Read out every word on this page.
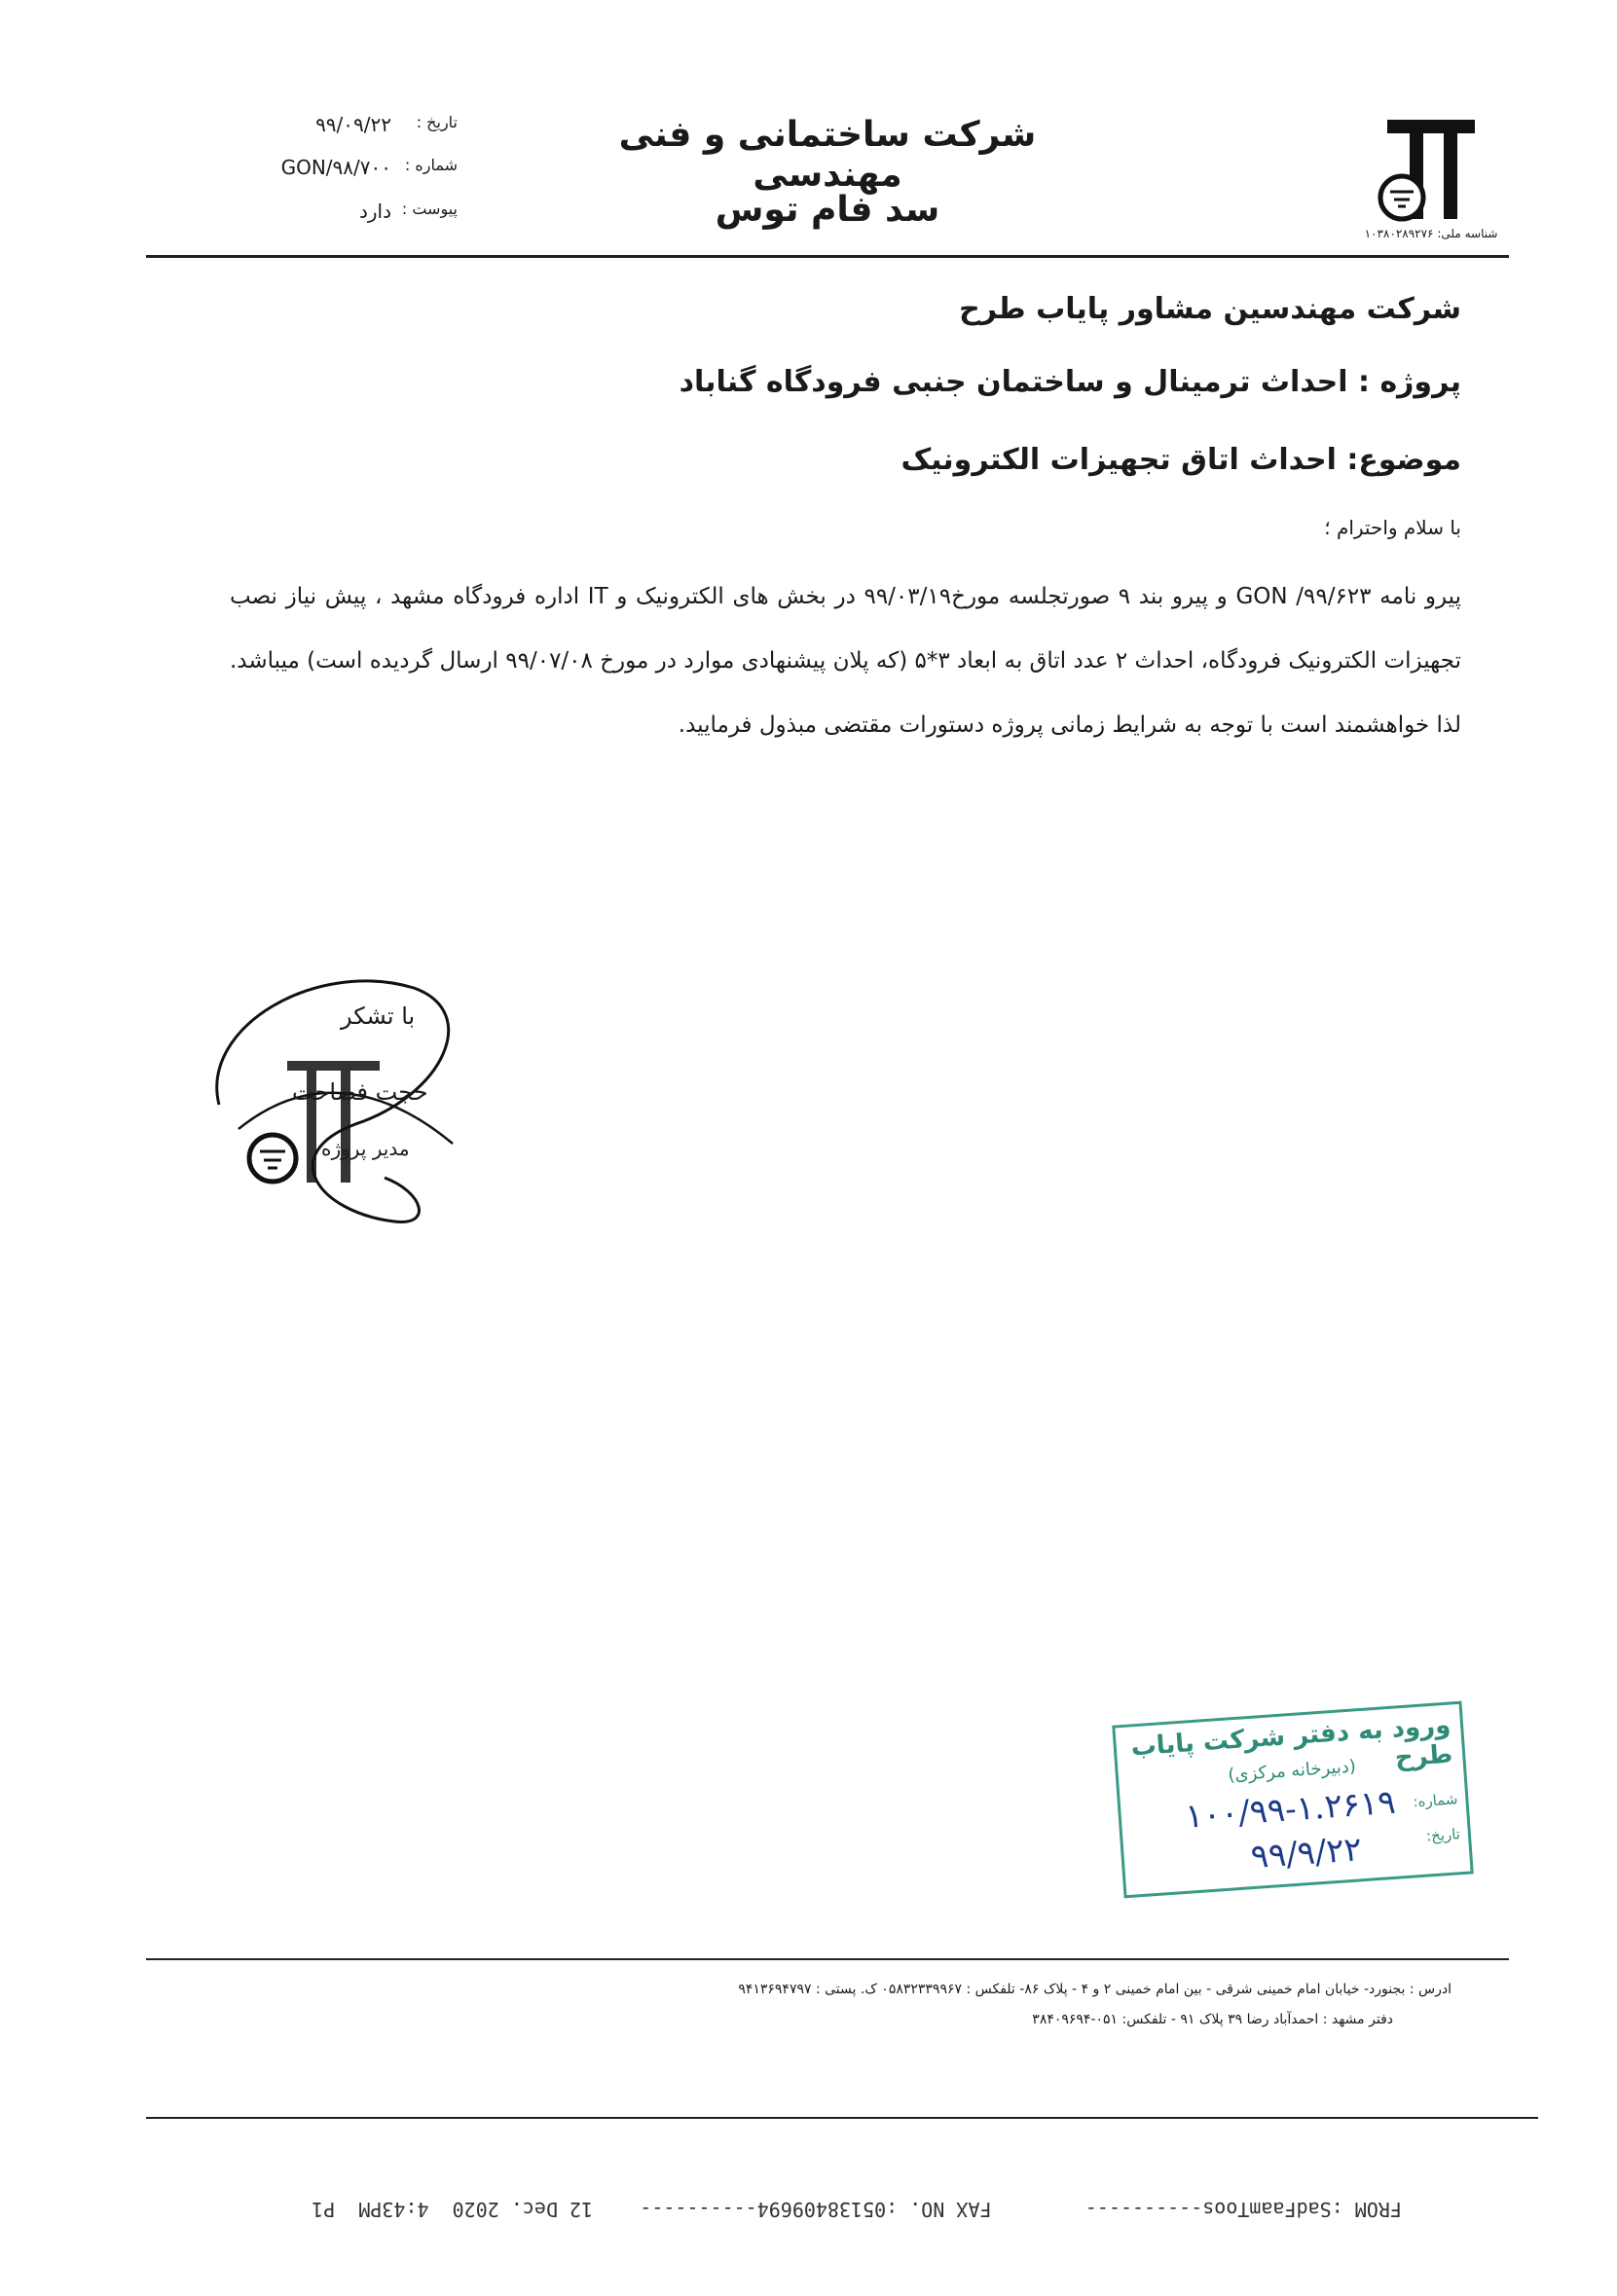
شناسه ملی: ۱۰۳۸۰۲۸۹۲۷۶
شرکت ساختمانی و فنی مهندسی
سد فام توس
تاریخ :
۹۹/۰۹/۲۲
شماره :
GON/۹۸/۷۰۰
پیوست :
دارد
شرکت مهندسین مشاور پایاب طرح
پروژه : احداث ترمینال و ساختمان جنبی فرودگاه گناباد
موضوع: احداث اتاق تجهیزات الکترونیک
با سلام واحترام ؛
پیرو نامه ۹۹/۶۲۳/ GON و پیرو بند ۹ صورتجلسه مورخ۹۹/۰۳/۱۹ در بخش های الکترونیک و IT اداره فرودگاه مشهد ، پیش نیاز نصب تجهیزات الکترونیک فرودگاه، احداث ۲ عدد اتاق به ابعاد ۳*۵ (که پلان پیشنهادی موارد در مورخ ۹۹/۰۷/۰۸ ارسال گردیده است) میباشد. لذا خواهشمند است با توجه به شرایط زمانی پروژه دستورات مقتضی مبذول فرمایید.
با تشکر
حجت فصاحت
مدیر پروژه
ورود به دفتر شرکت پایاب طرح
(دبیرخانه مرکزی)
شماره:
تاریخ:
۱۰۰/۹۹-۱.۲۶۱۹
۹۹/۹/۲۲
ادرس : بجنورد- خیابان امام خمینی شرقی - بین امام خمینی ۲ و ۴ - پلاک ۸۶- تلفکس : ۰۵۸۳۲۳۳۹۹۶۷ ک. پستی : ۹۴۱۳۶۹۴۷۹۷
دفتر مشهد : احمدآباد رضا ۳۹ پلاک ۹۱ - تلفکس: ۰۵۱-۳۸۴۰۹۶۹۴
FROM :SadFaamToos----------        FAX NO. :05138409694----------    12 Dec. 2020  4:43PM  P1
